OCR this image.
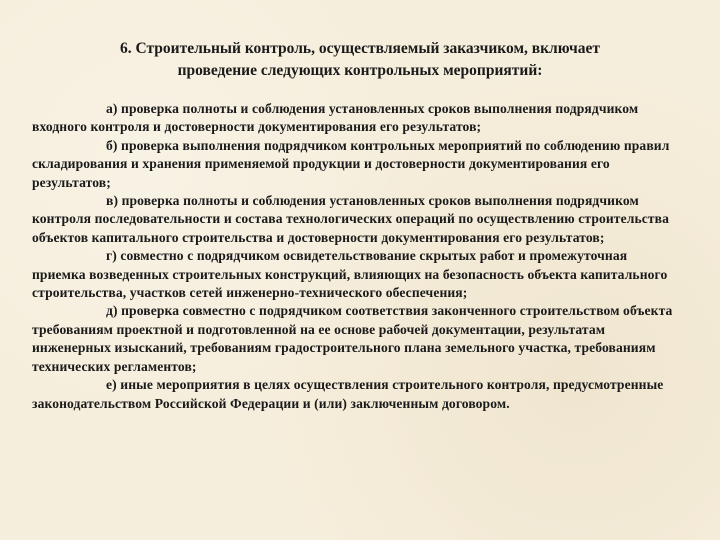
6. Строительный контроль, осуществляемый заказчиком, включает
проведение следующих контрольных мероприятий:

а) проверка полноты и соблюдения установленных сроков выполнения подрядчиком входного контроля и достоверности документирования его результатов;

б) проверка выполнения подрядчиком контрольных мероприятий по соблюдению правил складирования и хранения применяемой продукции и достоверности документирования его результатов;

в) проверка полноты и соблюдения установленных сроков выполнения подрядчиком контроля последовательности и состава технологических операций по осуществлению строительства объектов капитального строительства и достоверности документирования его результатов;

г) совместно с подрядчиком освидетельствование скрытых работ и промежуточная приемка возведенных строительных конструкций, влияющих на безопасность объекта капитального строительства, участков сетей инженерно-технического обеспечения;

д) проверка совместно с подрядчиком соответствия законченного строительством объекта требованиям проектной и подготовленной на ее основе рабочей документации, результатам инженерных изысканий, требованиям градостроительного плана земельного участка, требованиям технических регламентов;

е) иные мероприятия в целях осуществления строительного контроля, предусмотренные законодательством Российской Федерации и (или) заключенным договором.
